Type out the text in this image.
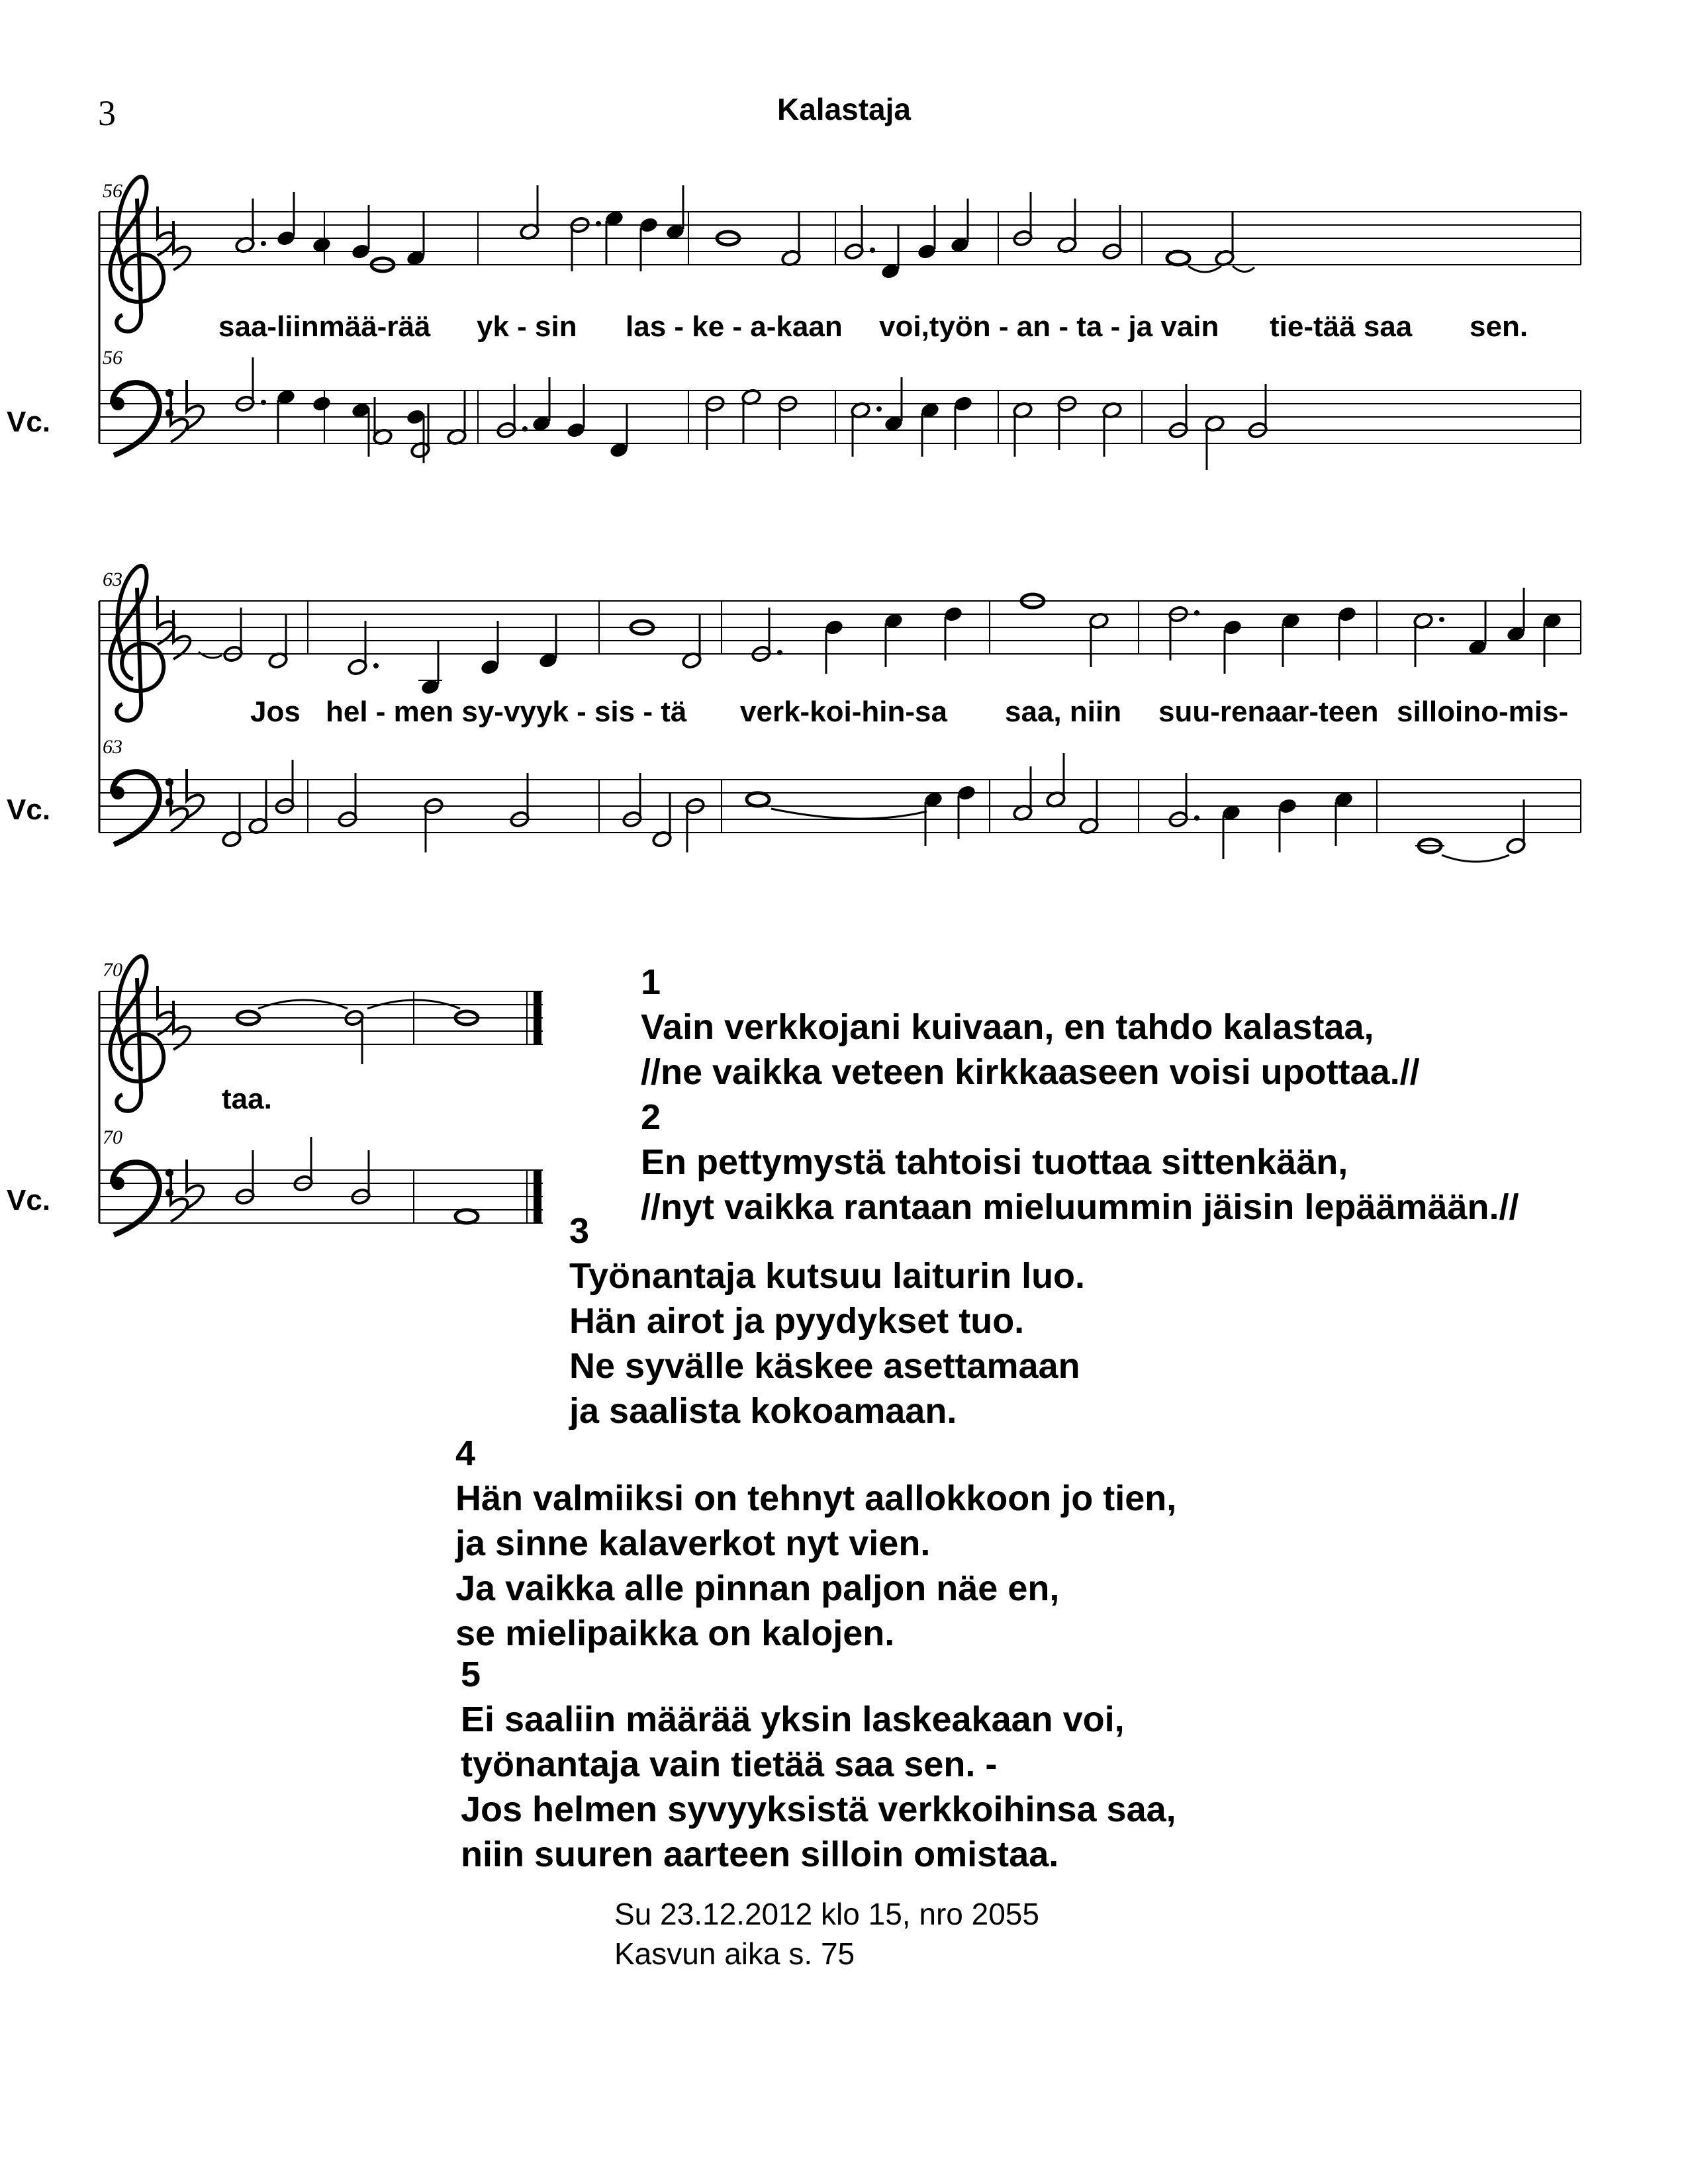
3	Kalastaja
56
56
63
63
70
70
Vc.
Vc.
Vc.
saa-liinmää-rää yk - sin las - ke - a-kaan voi,työn - an - ta - ja vain tie-tää saa sen.
Jos hel - men sy-vyyk - sis - tä verk-koi-hin-sa saa, niin suu-renaar-teen silloino-mis-
taa.
1
Vain verkkojani kuivaan, en tahdo kalastaa,
//ne vaikka veteen kirkkaaseen voisi upottaa.//
2
En pettymystä tahtoisi tuottaa sittenkään,
//nyt vaikka rantaan mieluummin jäisin lepäämään.//
3
Työnantaja kutsuu laiturin luo.
Hän airot ja pyydykset tuo.
Ne syvälle käskee asettamaan
ja saalista kokoamaan.
4
Hän valmiiksi on tehnyt aallokkoon jo tien,
ja sinne kalaverkot nyt vien.
Ja vaikka alle pinnan paljon näe en,
se mielipaikka on kalojen.
5
Ei saaliin määrää yksin laskeakaan voi,
työnantaja vain tietää saa sen. -
Jos helmen syvyyksistä verkkoihinsa saa,
niin suuren aarteen silloin omistaa.
Su 23.12.2012 klo 15, nro 2055
Kasvun aika s. 75
